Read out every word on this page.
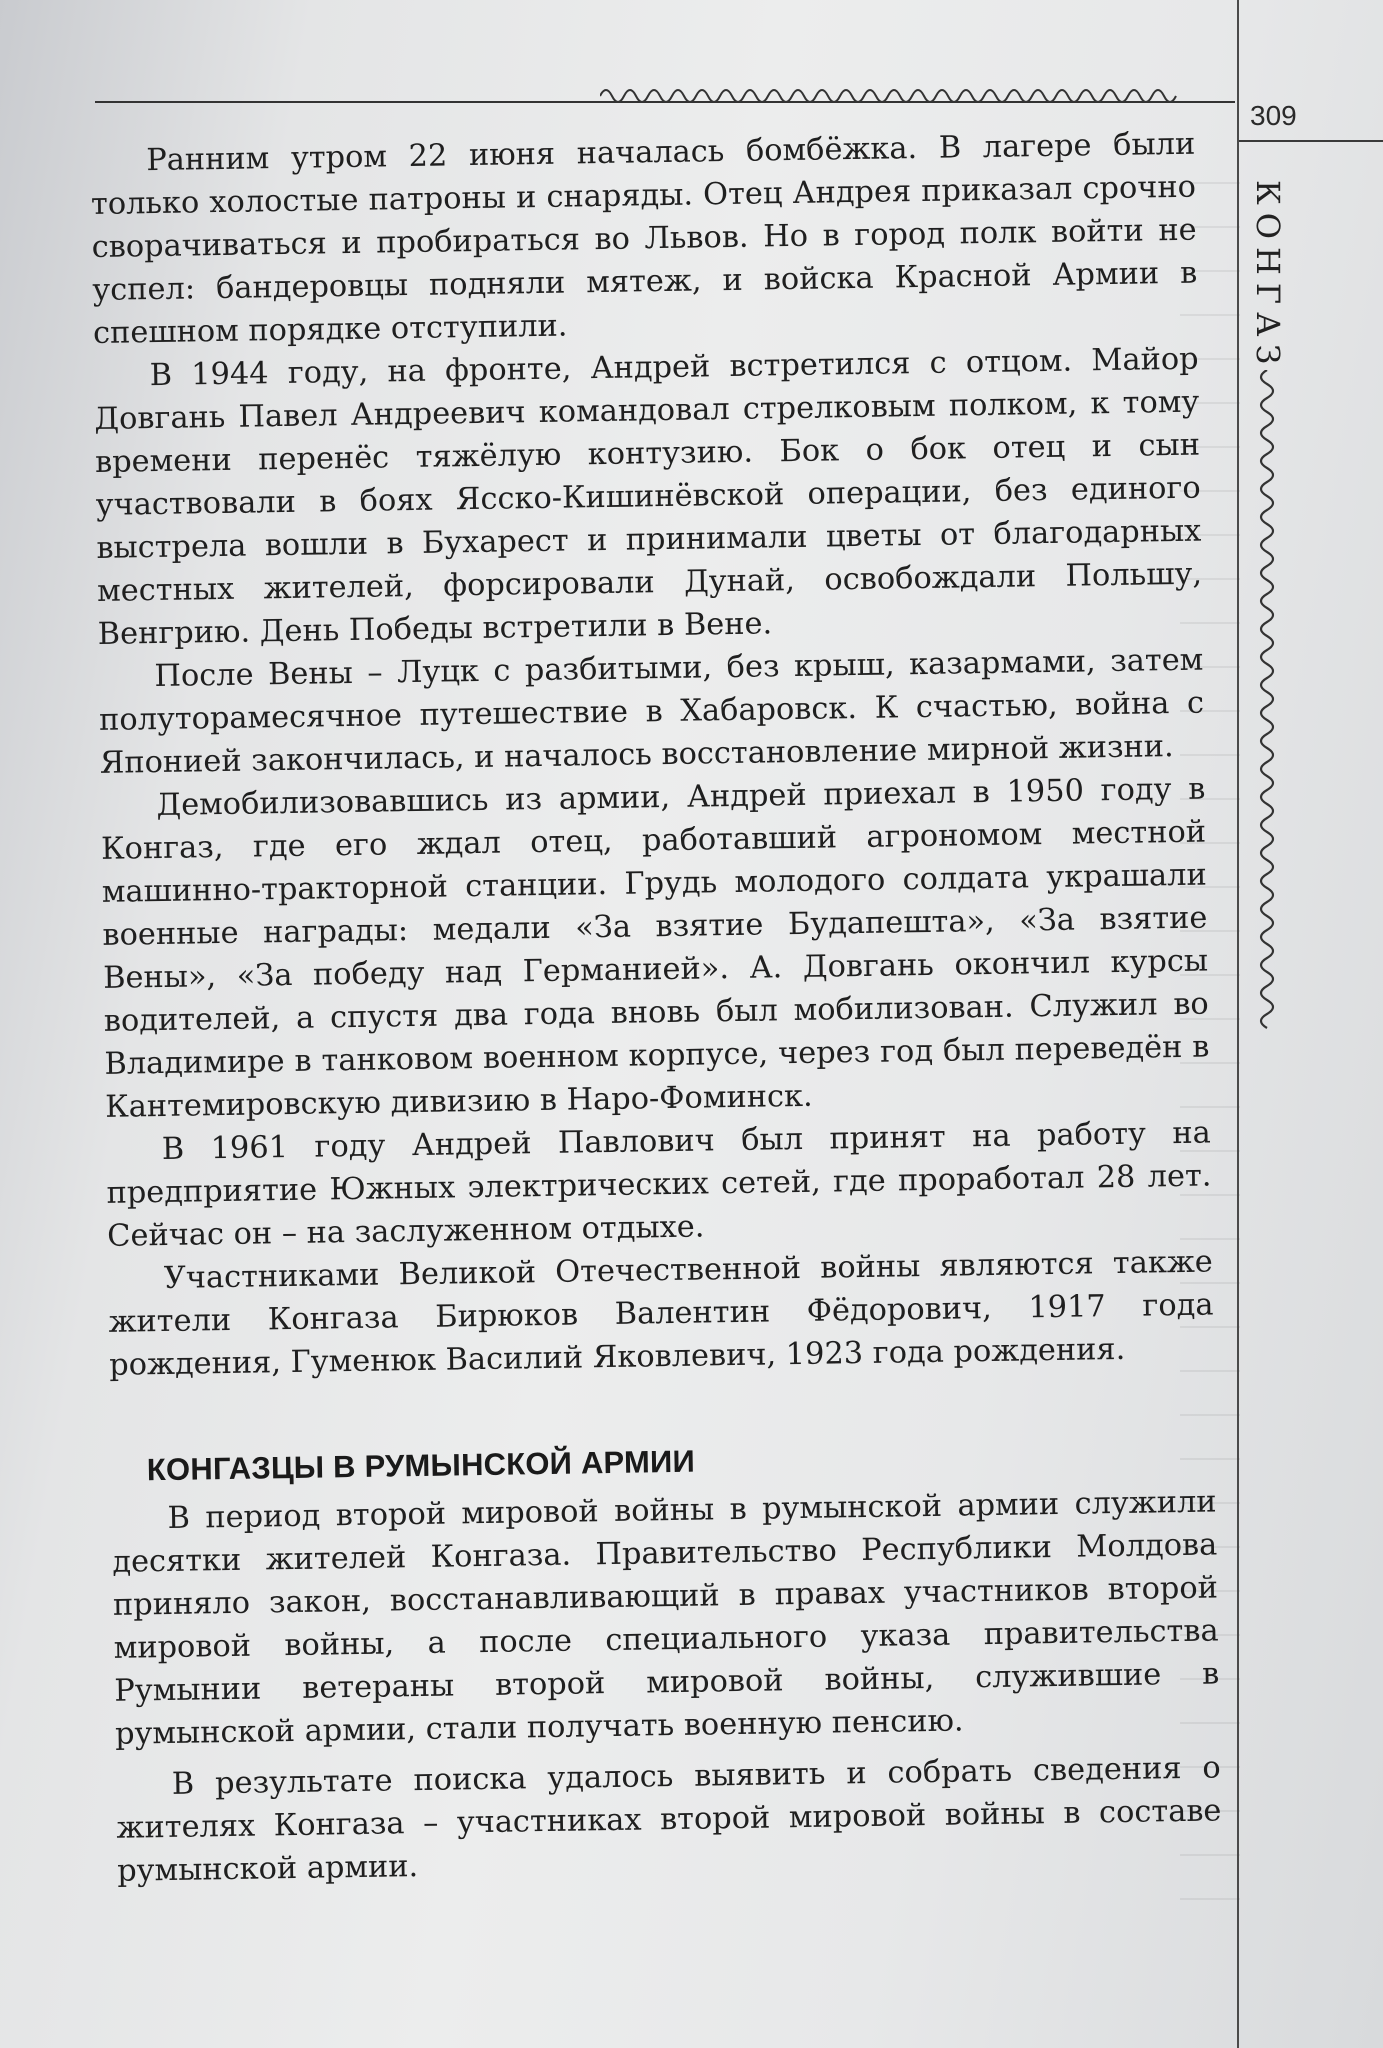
309
КОНГАЗ

Ранним утром 22 июня началась бомбёжка. В лагере были только холостые патроны и снаряды. Отец Андрея приказал срочно сворачиваться и пробираться во Львов. Но в город полк войти не успел: бандеровцы подняли мятеж, и войска Красной Армии в спешном порядке отступили.

В 1944 году, на фронте, Андрей встретился с отцом. Майор Довгань Павел Андреевич командовал стрелковым полком, к тому времени перенёс тяжёлую контузию. Бок о бок отец и сын участвовали в боях Ясско-Кишинёвской операции, без единого выстрела вошли в Бухарест и принимали цветы от благодарных местных жителей, форсировали Дунай, освобождали Польшу, Венгрию. День Победы встретили в Вене.

После Вены – Луцк с разбитыми, без крыш, казармами, затем полуторамесячное путешествие в Хабаровск. К счастью, война с Японией закончилась, и началось восстановление мирной жизни.

Демобилизовавшись из армии, Андрей приехал в 1950 году в Конгаз, где его ждал отец, работавший агрономом местной машинно-тракторной станции. Грудь молодого солдата украшали военные награды: медали «За взятие Будапешта», «За взятие Вены», «За победу над Германией». А. Довгань окончил курсы водителей, а спустя два года вновь был мобилизован. Служил во Владимире в танковом военном корпусе, через год был переведён в Кантемировскую дивизию в Наро-Фоминск.

В 1961 году Андрей Павлович был принят на работу на предприятие Южных электрических сетей, где проработал 28 лет. Сейчас он – на заслуженном отдыхе.

Участниками Великой Отечественной войны являются также жители Конгаза Бирюков Валентин Фёдорович, 1917 года рождения, Гуменюк Василий Яковлевич, 1923 года рождения.

КОНГАЗЦЫ В РУМЫНСКОЙ АРМИИ

В период второй мировой войны в румынской армии служили десятки жителей Конгаза. Правительство Республики Молдова приняло закон, восстанавливающий в правах участников второй мировой войны, а после специального указа правительства Румынии ветераны второй мировой войны, служившие в румынской армии, стали получать военную пенсию.

В результате поиска удалось выявить и собрать сведения о жителях Конгаза – участниках второй мировой войны в составе румынской армии.
